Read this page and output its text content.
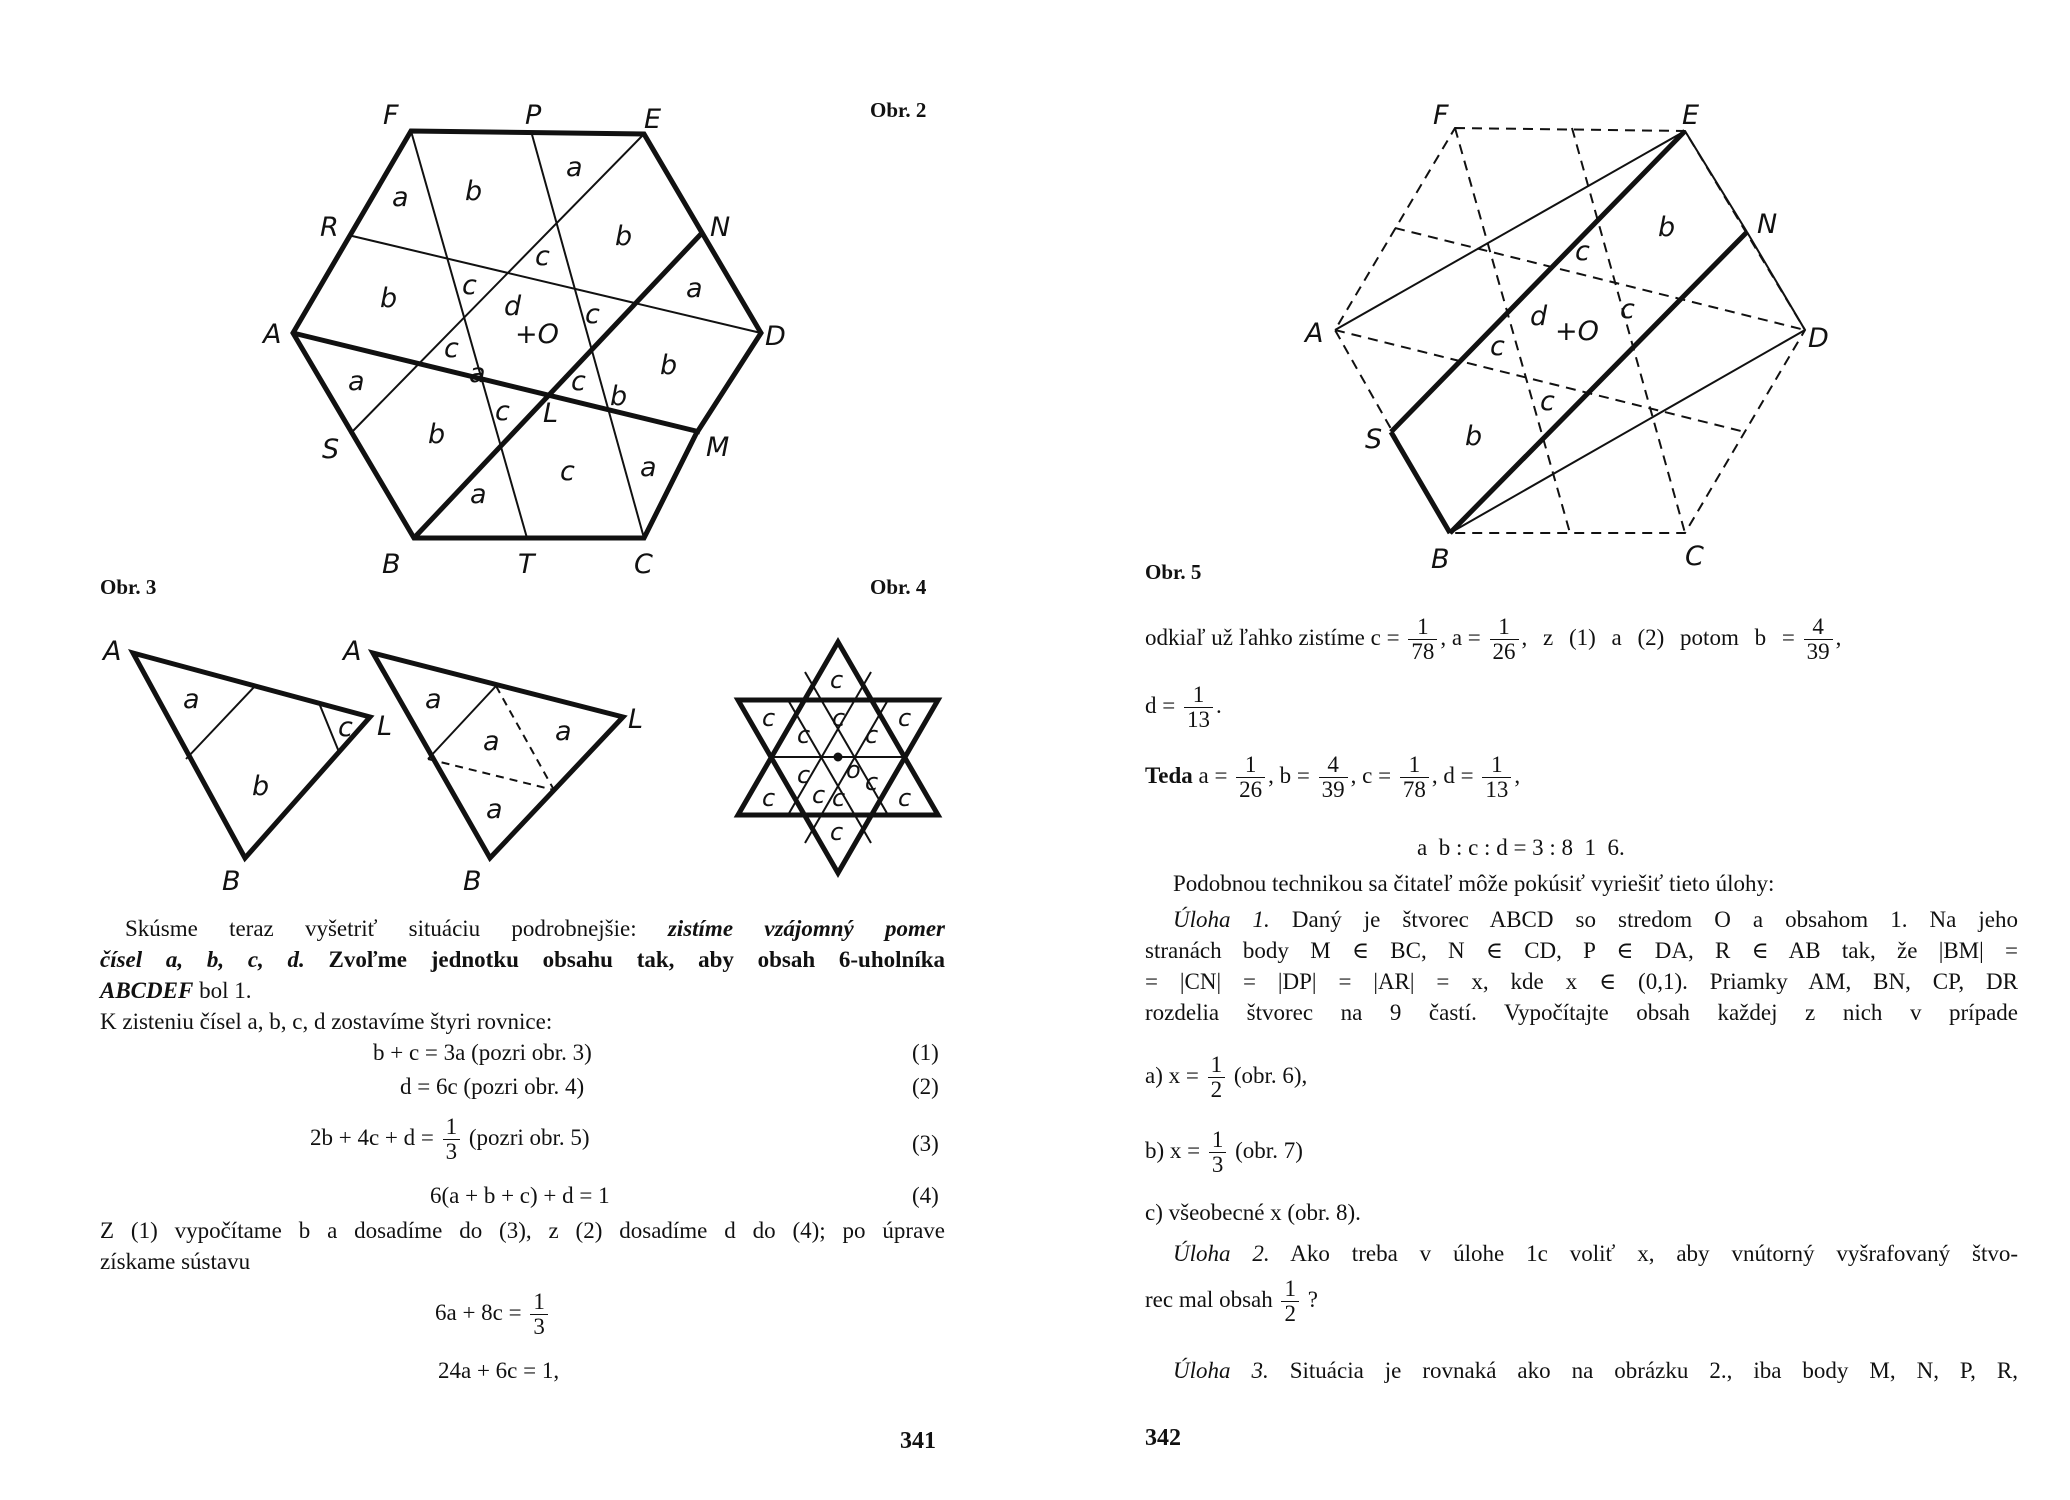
Obr. 2
Obr. 3	Obr. 4
F	P	E
R	N
A	D
S	M
B	T	C
L
a b
a
a
b c
b
c
d
+O
c
a
c
c
b
a
c
b
c a
a
b
A
L
B
a
c
b
A
L
B
a
a a
a
c
c
c
c
c
c
c
c o c
c
c
c
c
Skúsme teraz vyšetriť situáciu podrobnejšie: zistíme vzájomný pomer
čísel a, b, c, d. Zvoľme jednotku obsahu tak, aby obsah 6-uholníka
ABCDEF bol 1.
K zisteniu čísel a, b, c, d zostavíme štyri rovnice:
b + c = 3a (pozri obr. 3)	(1)
d = 6c (pozri obr. 4)	(2)
$2b + 4c + d = \frac{1}{3}$ (pozri obr. 5)	(3)
6(a + b + c) + d = 1	(4)
Z (1) vypočítame b a dosadíme do (3), z (2) dosadíme d do (4); po úprave
získame sústavu
$6a + 8c = \frac{1}{3}$
24a + 6c = 1,
341
F	E
N
A	D
S
B	C
c
b
d +O
c
c
c
b
Obr. 5
odkiaľ už ľahko zistíme $c = \frac{1}{78}$ , $a = \frac{1}{26}$ , z (1) a (2) potom $b = \frac{4}{39}$ ,
$d = \frac{1}{13}$ .
Teda $a = \frac{1}{26}$ , $b = \frac{4}{39}$ , $c = \frac{1}{78}$ , $d = \frac{1}{13}$ ,
a  b : c : d = 3 : 8  1  6.
Podobnou technikou sa čitateľ môže pokúsiť vyriešiť tieto úlohy:
Úloha 1. Daný je štvorec ABCD so stredom O a obsahom 1. Na jeho
stranách body M ∈ BC, N ∈ CD, P ∈ DA, R ∈ AB tak, že |BM| =
= |CN| = |DP| = |AR| = x, kde x ∈ (0,1). Priamky AM, BN, CP, DR
rozdelia štvorec na 9 častí. Vypočítajte obsah každej z nich v prípade
a) $x = \frac{1}{2} (obr$. 6),
b) $x = \frac{1}{3} (obr$. 7)
c) všeobecné x (obr. 8).
Úloha 2. Ako treba v úlohe 1c voliť x, aby vnútorný vyšrafovaný štvo-
rec mal obsah $\frac{1}{2}$ ?
Úloha 3. Situácia je rovnaká ako na obrázku 2., iba body M, N, P, R,
342
